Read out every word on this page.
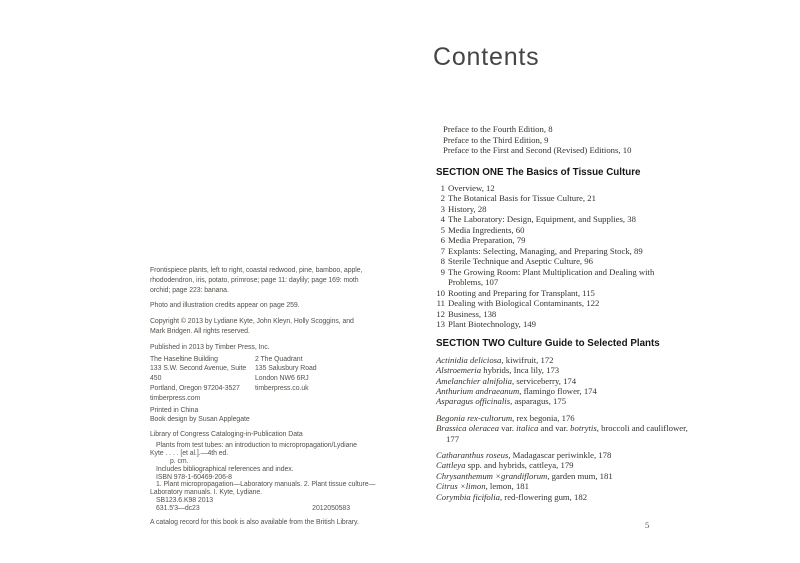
Frontispiece plants, left to right, coastal redwood, pine, bamboo, apple, rhododendron, iris, potato, primrose; page 11: daylily; page 169: moth orchid; page 223: banana.
Photo and illustration credits appear on page 259.
Copyright © 2013 by Lydiane Kyte, John Kleyn, Holly Scoggins, and Mark Bridgen. All rights reserved.
Published in 2013 by Timber Press, Inc.
The Haseltine Building
133 S.W. Second Avenue, Suite 450
Portland, Oregon 97204-3527
timberpress.com
2 The Quadrant
135 Salusbury Road
London NW6 6RJ
timberpress.co.uk
Printed in China
Book design by Susan Applegate
Library of Congress Cataloging-in-Publication Data
Plants from test tubes: an introduction to micropropagation/Lydiane
Kyte . . . . [et al.].—4th ed.
p. cm.
Includes bibliographical references and index.
ISBN 978-1-60469-206-8
1. Plant micropropagation—Laboratory manuals. 2. Plant tissue culture—
Laboratory manuals. I. Kyte, Lydiane.
SB123.6.K98 2013
631.5'3—dc23	2012050583
A catalog record for this book is also available from the British Library.
Contents
Preface to the Fourth Edition, 8
Preface to the Third Edition, 9
Preface to the First and Second (Revised) Editions, 10
SECTION ONE The Basics of Tissue Culture
1 Overview, 12
2 The Botanical Basis for Tissue Culture, 21
3 History, 28
4 The Laboratory: Design, Equipment, and Supplies, 38
5 Media Ingredients, 60
6 Media Preparation, 79
7 Explants: Selecting, Managing, and Preparing Stock, 89
8 Sterile Technique and Aseptic Culture, 96
9 The Growing Room: Plant Multiplication and Dealing with Problems, 107
10 Rooting and Preparing for Transplant, 115
11 Dealing with Biological Contaminants, 122
12 Business, 138
13 Plant Biotechnology, 149
SECTION TWO Culture Guide to Selected Plants
Actinidia deliciosa, kiwifruit, 172
Alstroemeria hybrids, Inca lily, 173
Amelanchier alnifolia, serviceberry, 174
Anthurium andraeanum, flamingo flower, 174
Asparagus officinalis, asparagus, 175
Begonia rex-cultorum, rex begonia, 176
Brassica oleracea var. italica and var. botrytis, broccoli and cauliflower, 177
Catharanthus roseus, Madagascar periwinkle, 178
Cattleya spp. and hybrids, cattleya, 179
Chrysanthemum ×grandiflorum, garden mum, 181
Citrus ×limon, lemon, 181
Corymbia ficifolia, red-flowering gum, 182
5
